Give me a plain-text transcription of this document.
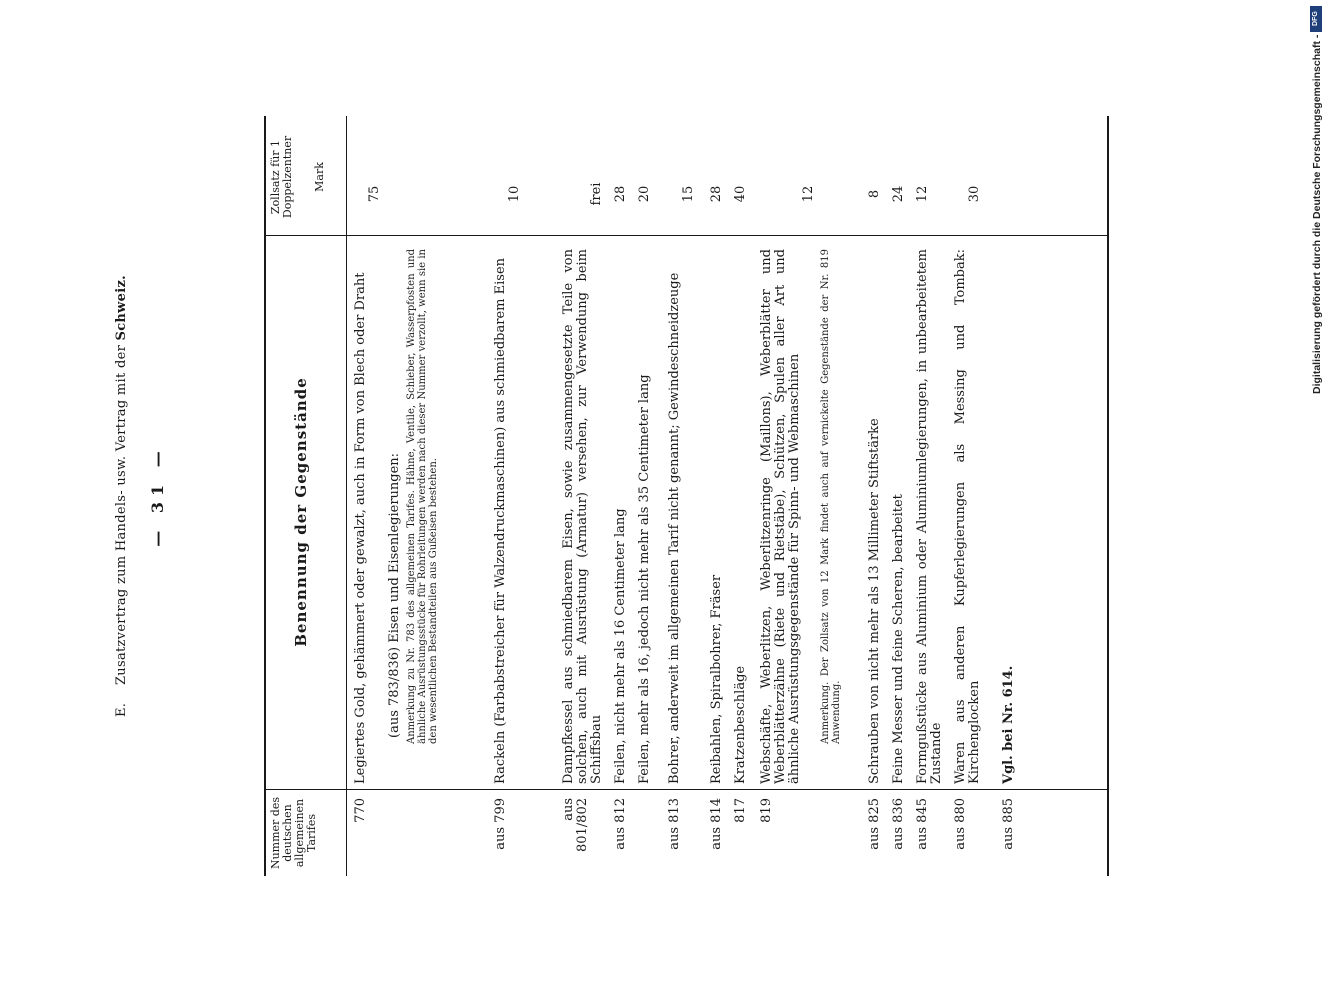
E.    Zusatzvertrag zum Handels- usw. Vertrag mit der Schweiz.
— 31 —
Nummer des deutschen allgemeinen Tarifes
Benennung der Gegenstände
Zollsatz für 1 Doppelzentner Mark
770
Legiertes Gold, gehämmert oder gewalzt, auch in Form von Blech oder Draht
75
(aus 783/836) Eisen und Eisenlegierungen: Anmerkung zu Nr. 783 des allgemeinen Tarifes. Hähne, Ventile, Schieber, Wasserpfosten und ähnliche Ausrüstungsstücke für Rohrleitungen werden nach dieser Nummer verzollt, wenn sie in den wesentlichen Bestandteilen aus Gußeisen bestehen.
aus 799
Rackeln (Farbabstreicher für Walzendruckmaschinen) aus schmiedbarem Eisen
10
aus 801/802
Dampfkessel aus schmiedbarem Eisen, sowie zusammengesetzte Teile von solchen, auch mit Ausrüstung (Armatur) versehen, zur Verwendung beim Schiffsbau
frei
aus 812
Feilen, nicht mehr als 16 Centimeter lang
28
Feilen, mehr als 16, jedoch nicht mehr als 35 Centimeter lang
20
aus 813
Bohrer, anderweit im allgemeinen Tarif nicht genannt; Gewindeschneidzeuge
15
aus 814
Reibahlen, Spiralbohrer, Fräser
28
817
Kratzenbeschläge
40
819
Webschäfte, Weberlitzen, Weberlitzenringe (Maillons), Weberblätter und Weberblätterzähne (Riete und Rietstäbe), Schützen, Spulen aller Art und ähnliche Ausrüstungsgegenstände für Spinn- und Webmaschinen
12
Anmerkung. Der Zollsatz von 12 Mark findet auch auf vernickelte Gegenstände der Nr. 819 Anwendung.
aus 825
Schrauben von nicht mehr als 13 Millimeter Stiftstärke
8
aus 836
Feine Messer und feine Scheren, bearbeitet
24
aus 845
Formgußstücke aus Aluminium oder Aluminiumlegierungen, in unbearbeitetem Zustande
12
aus 880
Waren aus anderen Kupferlegierungen als Messing und Tombak: Kirchenglocken
30
aus 885
Vgl. bei Nr. 614.
DFG
Digitalisierung gefördert durch die Deutsche Forschungsgemeinschaft -
